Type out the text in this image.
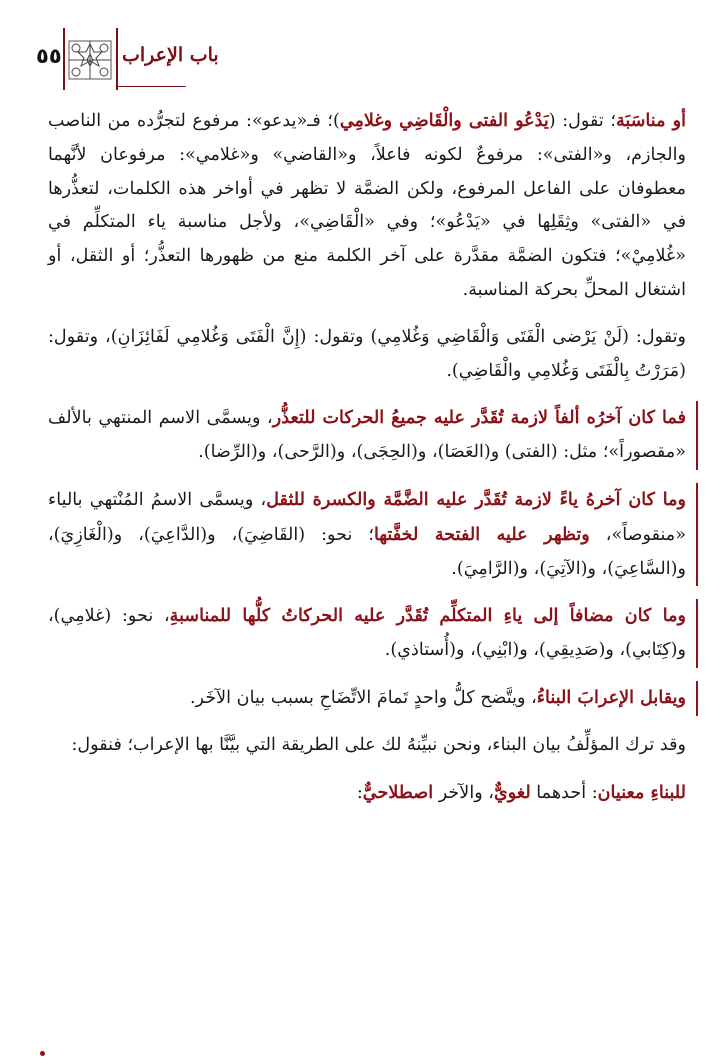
٥٥	باب الإعراب

أو مناسَبَة؛ تقول: (يَدْعُو الفتى والْقَاضِي وغلامِي)؛ فـ«يدعو»: مرفوع لتجرُّده من الناصب والجازم، و«الفتى»: مرفوعٌ لكونه فاعلاً، و«القاضي» و«غلامي»: مرفوعان لأنَّهما معطوفان على الفاعل المرفوع، ولكن الضمَّة لا تظهر في أواخر هذه الكلمات، لتعذُّرها في «الفتى» وثِقَلِها في «يَدْعُو»؛ وفي «الْقَاضِي»، ولأجل مناسبة ياء المتكلِّم في «غُلامِيْ»؛ فتكون الضمَّة مقدَّرة على آخر الكلمة منع من ظهورها التعذُّر؛ أو الثقل، أو اشتغال المحلِّ بحركة المناسبة.

وتقول: (لَنْ يَرْضى الْفَتَى وَالْقَاضِي وَغُلامِي) وتقول: (إِنَّ الْفَتَى وَغُلامِي لَفَائِزَانِ)، وتقول: (مَرَرْتُ بِالْفَتَى وَغُلامِي والْقَاضِي).

فما كان آخرُه ألفاً لازمة تُقَدَّر عليه جميعُ الحركات للتعذُّر، ويسمَّى الاسم المنتهي بالألف «مقصوراً»؛ مثل: (الفتى) و(العَصَا)، و(الحِجَى)، و(الرَّحى)، و(الرِّضا).

وما كان آخرهُ ياءً لازمة تُقَدَّر عليه الضَّمَّة والكسرة للثقل، ويسمَّى الاسمُ المُنْتهي بالياء «منقوصاً»، وتظهر عليه الفتحة لخفَّتها؛ نحو: (القَاضِيَ)، و(الدَّاعِيَ)، و(الْغَازِيَ)، و(السَّاعِيَ)، و(الآتِيَ)، و(الرَّامِيَ).

وما كان مضافاً إلى ياءِ المتكلِّم تُقَدَّر عليه الحركاتُ كلُّها للمناسبةِ، نحو: (غلامِي)، و(كِتَابي)، و(صَدِيقِي)، و(ابْنِي)، و(أُستاذي).

ويقابل الإعرابَ البناءُ، ويتَّضح كلُّ واحدٍ تَمامَ الاتِّضَاحِ بسبب بيان الآخَر.

وقد ترك المؤلِّفُ بيان البناء، ونحن نبيِّنهُ لك على الطريقة التي بيَّنَّا بها الإعراب؛ فنقول:

للبناءِ معنيان: أحدهما لغويٌّ، والآخر اصطلاحيٌّ:
